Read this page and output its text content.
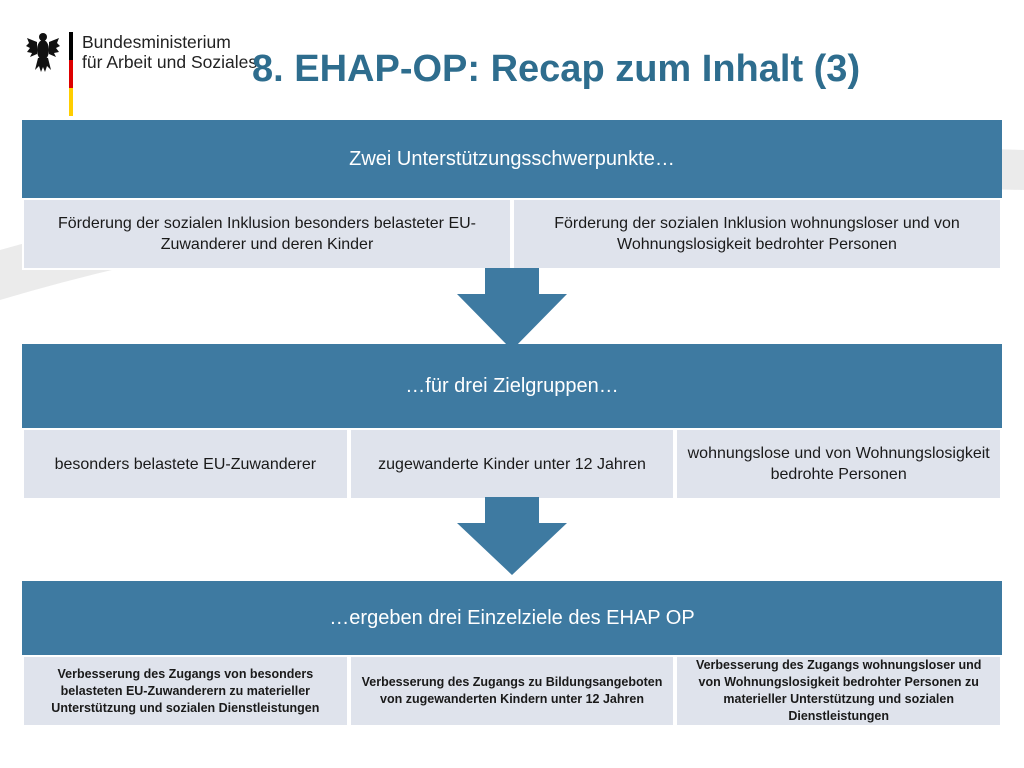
Bundesministerium
für Arbeit und Soziales
8. EHAP-OP: Recap zum Inhalt (3)
Zwei Unterstützungsschwerpunkte…
Förderung der sozialen Inklusion besonders belasteter EU-Zuwanderer und deren Kinder
Förderung der sozialen Inklusion wohnungsloser und von Wohnungslosigkeit bedrohter Personen
…für drei Zielgruppen…
besonders belastete EU-Zuwanderer	zugewanderte Kinder unter 12 Jahren
wohnungslose und von Wohnungslosigkeit bedrohte Personen
…ergeben drei Einzelziele des EHAP OP
Verbesserung des Zugangs von besonders belasteten EU-Zuwanderern zu materieller Unterstützung und sozialen Dienstleistungen
Verbesserung des Zugangs zu Bildungsangeboten von zugewanderten Kindern unter 12 Jahren
Verbesserung des Zugangs wohnungsloser und von Wohnungslosigkeit bedrohter Personen zu materieller Unterstützung und sozialen Dienstleistungen
